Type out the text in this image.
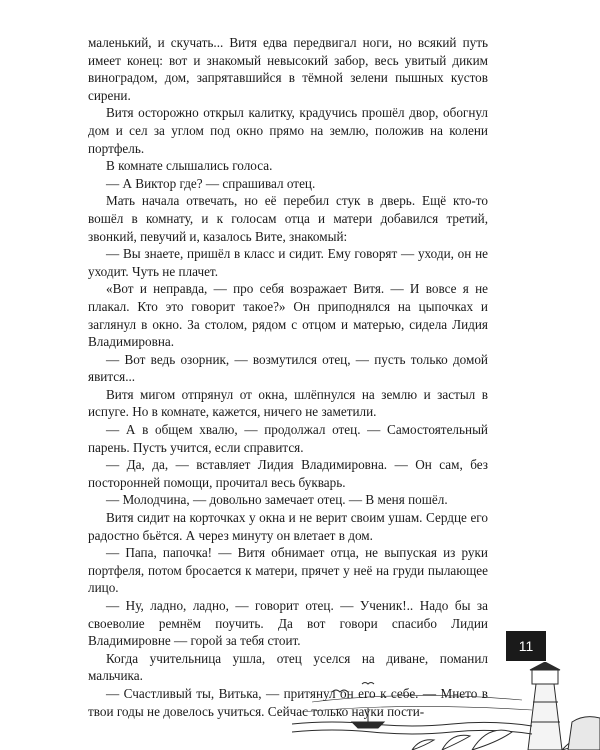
маленький, и скучать... Витя едва передвигал ноги, но всякий путь имеет конец: вот и знакомый невысокий забор, весь увитый диким виноградом, дом, запрятавшийся в тёмной зелени пышных кустов сирени.

Витя осторожно открыл калитку, крадучись прошёл двор, обогнул дом и сел за углом под окно прямо на землю, положив на колени портфель.

В комнате слышались голоса.

— А Виктор где? — спрашивал отец.

Мать начала отвечать, но её перебил стук в дверь. Ещё кто-то вошёл в комнату, и к голосам отца и матери добавился третий, звонкий, певучий и, казалось Вите, знакомый:

— Вы знаете, пришёл в класс и сидит. Ему говорят — уходи, он не уходит. Чуть не плачет.

«Вот и неправда, — про себя возражает Витя. — И вовсе я не плакал. Кто это говорит такое?» Он приподнялся на цыпочках и заглянул в окно. За столом, рядом с отцом и матерью, сидела Лидия Владимировна.

— Вот ведь озорник, — возмутился отец, — пусть только домой явится...

Витя мигом отпрянул от окна, шлёпнулся на землю и застыл в испуге. Но в комнате, кажется, ничего не заметили.

— А в общем хвалю, — продолжал отец. — Самостоятельный парень. Пусть учится, если справится.

— Да, да, — вставляет Лидия Владимировна. — Он сам, без посторонней помощи, прочитал весь букварь.

— Молодчина, — довольно замечает отец. — В меня пошёл.

Витя сидит на корточках у окна и не верит своим ушам. Сердце его радостно бьётся. А через минуту он влетает в дом.

— Папа, папочка! — Витя обнимает отца, не выпуская из руки портфеля, потом бросается к матери, прячет у неё на груди пылающее лицо.

— Ну, ладно, ладно, — говорит отец. — Ученик!.. Надо бы за своеволие ремнём поучить. Да вот говори спасибо Лидии Владимировне — горой за тебя стоит.

Когда учительница ушла, отец уселся на диване, поманил мальчика.

— Счастливый ты, Витька, — притянул он его к себе. — Мнето в твои годы не довелось учиться. Сейчас только науки пости-

11
